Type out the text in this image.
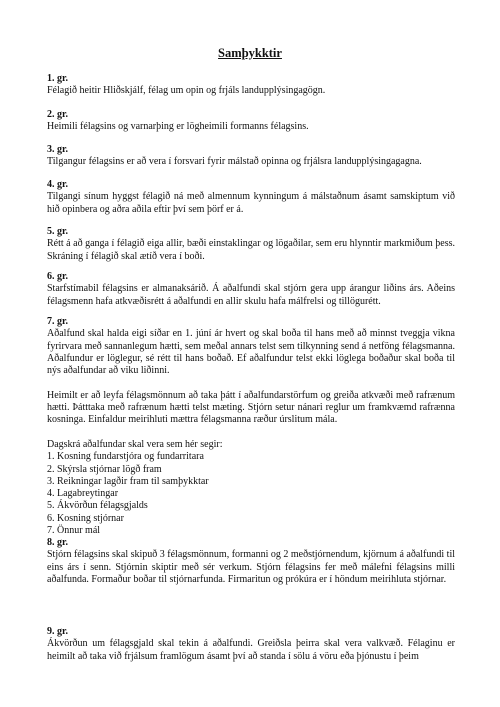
Samþykktir
1. gr.
Félagið heitir Hliðskjálf, félag um opin og frjáls landupplýsingagögn.
2. gr.
Heimili félagsins og varnarþing er lögheimili formanns félagsins.
3. gr.
Tilgangur félagsins er að vera í forsvari fyrir málstað opinna og frjálsra landupplýsingagagna.
4. gr.
Tilgangi sínum hyggst félagið ná með almennum kynningum á málstaðnum ásamt samskiptum við hið opinbera og aðra aðila eftir því sem þörf er á.
5. gr.
Rétt á að ganga í félagið eiga allir, bæði einstaklingar og lögaðilar, sem eru hlynntir markmiðum þess. Skráning í félagið skal ætíð vera í boði.
6. gr.
Starfstímabil félagsins er almanaksárið. Á aðalfundi skal stjórn gera upp árangur liðins árs. Aðeins félagsmenn hafa atkvæðisrétt á aðalfundi en allir skulu hafa málfrelsi og tillögurétt.
7. gr.
Aðalfund skal halda eigi síðar en 1. júní ár hvert og skal boða til hans með að minnst tveggja vikna fyrirvara með sannanlegum hætti, sem meðal annars telst sem tilkynning send á netföng félagsmanna. Aðalfundur er löglegur, sé rétt til hans boðað. Ef aðalfundur telst ekki löglega boðaður skal boða til nýs aðalfundar að viku liðinni.
Heimilt er að leyfa félagsmönnum að taka þátt í aðalfundarstörfum og greiða atkvæði með rafrænum hætti. Þátttaka með rafrænum hætti telst mæting. Stjórn setur nánari reglur um framkvæmd rafrænna kosninga. Einfaldur meirihluti mættra félagsmanna ræður úrslitum mála.
Dagskrá aðalfundar skal vera sem hér segir:
1. Kosning fundarstjóra og fundarritara
2. Skýrsla stjórnar lögð fram
3. Reikningar lagðir fram til samþykktar
4. Lagabreytingar
5. Ákvörðun félagsgjalds
6. Kosning stjórnar
7. Önnur mál
8. gr.
Stjórn félagsins skal skipuð 3 félagsmönnum, formanni og 2 meðstjórnendum, kjörnum á aðalfundi til eins árs í senn. Stjórnin skiptir með sér verkum. Stjórn félagsins fer með málefni félagsins milli aðalfunda. Formaður boðar til stjórnarfunda. Firmaritun og prókúra er í höndum meirihluta stjórnar.
9. gr.
Ákvörðun um félagsgjald skal tekin á aðalfundi. Greiðsla þeirra skal vera valkvæð. Félaginu er heimilt að taka við frjálsum framlögum ásamt því að standa í sölu á vöru eða þjónustu í þeim
